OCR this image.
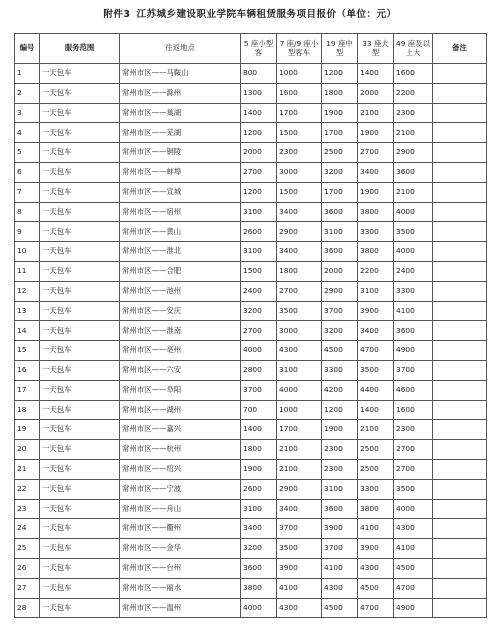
附件3 江苏城乡建设职业学院车辆租赁服务项目报价（单位：元）
编号	服务范围	往返地点	5 座小型客	7 座/9 座小型客车	19 座中型	33 座大型	49 座及以上大	备注
1	一天包车	常州市区——马鞍山	800	1000	1200	1400	1600	
2	一天包车	常州市区——滁州	1300	1600	1800	2000	2200	
3	一天包车	常州市区——巢湖	1400	1700	1900	2100	2300	
4	一天包车	常州市区——芜湖	1200	1500	1700	1900	2100	
5	一天包车	常州市区——铜陵	2000	2300	2500	2700	2900	
6	一天包车	常州市区——蚌埠	2700	3000	3200	3400	3600	
7	一天包车	常州市区——宣城	1200	1500	1700	1900	2100	
8	一天包车	常州市区——宿州	3100	3400	3600	3800	4000	
9	一天包车	常州市区——黄山	2600	2900	3100	3300	3500	
10	一天包车	常州市区——淮北	3100	3400	3600	3800	4000	
11	一天包车	常州市区——合肥	1500	1800	2000	2200	2400	
12	一天包车	常州市区——池州	2400	2700	2900	3100	3300	
13	一天包车	常州市区——安庆	3200	3500	3700	3900	4100	
14	一天包车	常州市区——淮南	2700	3000	3200	3400	3600	
15	一天包车	常州市区——亳州	4000	4300	4500	4700	4900	
16	一天包车	常州市区——六安	2800	3100	3300	3500	3700	
17	一天包车	常州市区——阜阳	3700	4000	4200	4400	4600	
18	一天包车	常州市区——湖州	700	1000	1200	1400	1600	
19	一天包车	常州市区——嘉兴	1400	1700	1900	2100	2300	
20	一天包车	常州市区——杭州	1800	2100	2300	2500	2700	
21	一天包车	常州市区——绍兴	1900	2100	2300	2500	2700	
22	一天包车	常州市区——宁波	2600	2900	3100	3300	3500	
23	一天包车	常州市区——舟山	3100	3400	3600	3800	4000	
24	一天包车	常州市区——衢州	3400	3700	3900	4100	4300	
25	一天包车	常州市区——金华	3200	3500	3700	3900	4100	
26	一天包车	常州市区——台州	3600	3900	4100	4300	4500	
27	一天包车	常州市区——丽水	3800	4100	4300	4500	4700	
28	一天包车	常州市区——温州	4000	4300	4500	4700	4900	
